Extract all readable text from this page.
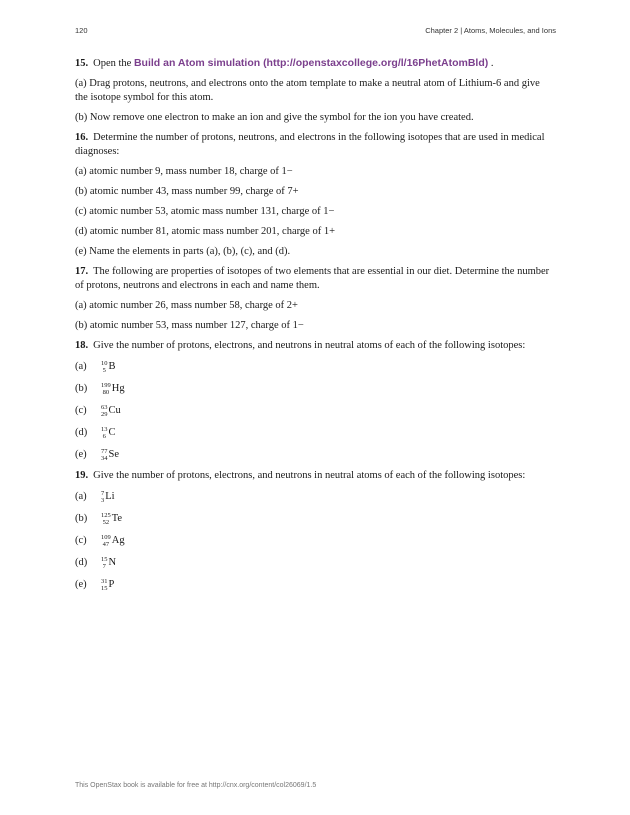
120	Chapter 2 | Atoms, Molecules, and Ions

15. Open the Build an Atom simulation (http://openstaxcollege.org/l/16PhetAtomBld) .

(a) Drag protons, neutrons, and electrons onto the atom template to make a neutral atom of Lithium-6 and give the isotope symbol for this atom.

(b) Now remove one electron to make an ion and give the symbol for the ion you have created.

16. Determine the number of protons, neutrons, and electrons in the following isotopes that are used in medical diagnoses:

(a) atomic number 9, mass number 18, charge of 1−

(b) atomic number 43, mass number 99, charge of 7+

(c) atomic number 53, atomic mass number 131, charge of 1−

(d) atomic number 81, atomic mass number 201, charge of 1+

(e) Name the elements in parts (a), (b), (c), and (d).

17. The following are properties of isotopes of two elements that are essential in our diet. Determine the number of protons, neutrons and electrons in each and name them.

(a) atomic number 26, mass number 58, charge of 2+

(b) atomic number 53, mass number 127, charge of 1−

18. Give the number of protons, electrons, and neutrons in neutral atoms of each of the following isotopes:

(a)	10
5 B
(b)	199
80 Hg
(c)	63
29 Cu
(d)	13
6 C
(e)	77
34 Se

19. Give the number of protons, electrons, and neutrons in neutral atoms of each of the following isotopes:

(a)	7
3 Li
(b)	125
52 Te
(c)	109
47 Ag
(d)	15
7 N
(e)	31
15 P
This OpenStax book is available for free at http://cnx.org/content/col26069/1.5
